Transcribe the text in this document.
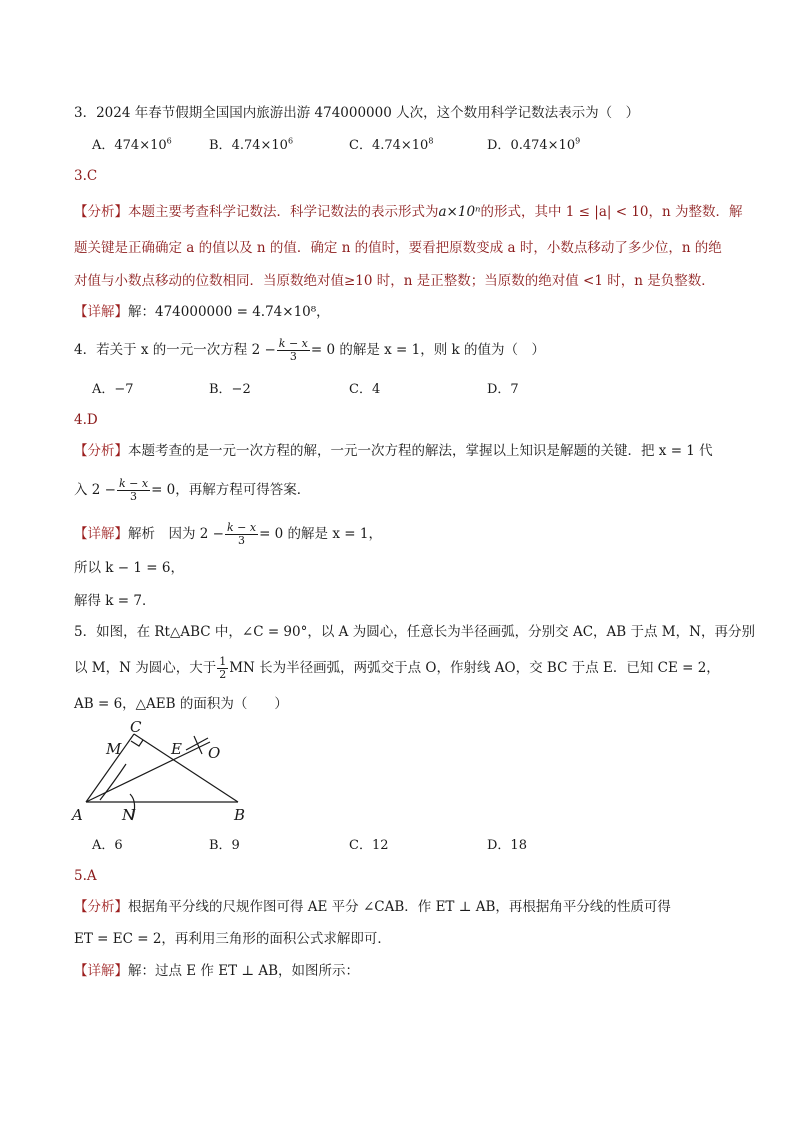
3．2024 年春节假期全国国内旅游出游 474000000 人次，这个数用科学记数法表示为（　）
A．$474\times 10^6$	B．$4.74\times 10^6$	C．$4.74\times 10^8$	D．$0.474\times 10^9$
3.C
【分析】本题主要考查科学记数法．科学记数法的表示形式为a×10ⁿ的形式，其中 1 ≤ |a| < 10，n 为整数．解
题关键是正确确定 a 的值以及 n 的值．确定 n 的值时，要看把原数变成 a 时，小数点移动了多少位，n 的绝
对值与小数点移动的位数相同．当原数绝对值≥10 时，n 是正整数；当原数的绝对值 <1 时，n 是负整数．
【详解】解：474000000 = 4.74×10⁸，
4．若关于 x 的一元一次方程 $2 - \frac{k - x}{3} = 0$ 的解是 x = 1，则 k 的值为（　）
A．−7	B．−2	C．4	D．7
4.D
【分析】本题考查的是一元一次方程的解，一元一次方程的解法，掌握以上知识是解题的关键．把 x = 1 代
入 $2 - \frac{k - x}{3} = 0$，再解方程可得答案．
【详解】解析　因为 $2 - \frac{k - x}{3} = 0$ 的解是 x = 1，
所以 k − 1 = 6，
解得 k = 7．
5．如图，在 Rt△ABC 中，∠C = 90°，以 A 为圆心，任意长为半径画弧，分别交 AC，AB 于点 M，N，再分别
以 M，N 为圆心，大于 $\frac{1}{2}$ MN 长为半径画弧，两弧交于点 O，作射线 AO，交 BC 于点 E．已知 CE = 2，
AB = 6，△AEB 的面积为（　　）
C
M	E O
A	N	B
A．6	B．9	C．12	D．18
5.A
【分析】根据角平分线的尺规作图可得 AE 平分 ∠CAB．作 ET ⊥ AB，再根据角平分线的性质可得
ET = EC = 2，再利用三角形的面积公式求解即可．
【详解】解：过点 E 作 ET ⊥ AB，如图所示：
